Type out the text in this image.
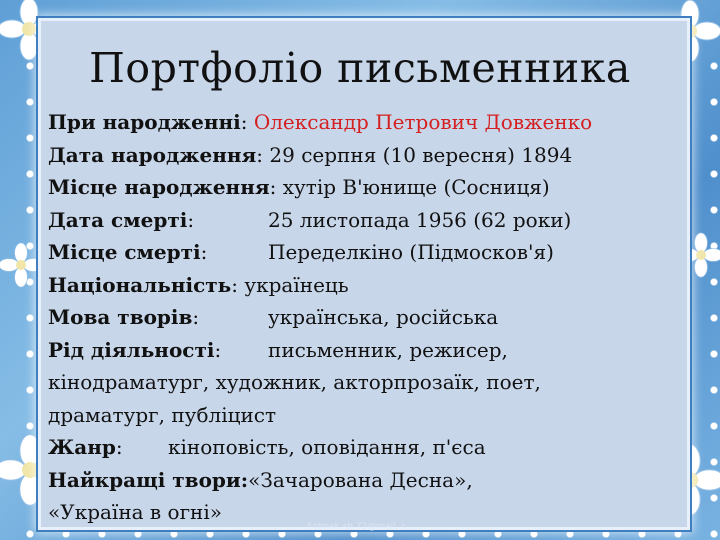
Портфоліо письменника
При народженні: Олександр Петрович Довженко
Дата народження: 29 серпня (10 вересня) 1894
Місце народження: хутір В'юнище (Сосниця)
Дата смерті:	25 листопада 1956 (62 роки)
Місце смерті:	Переделкіно (Підмосков'я)
Національність: українець
Мова творів:	українська, російська
Рід діяльності: письменник, режисер,
кінодраматург, художник, акторпрозаїк, поет,
драматург, публіцист
Жанр: кіноповість, оповідання, п'єса
Найкращі твори:«Зачарована Десна»,
«Україна в огні»
Fоlmak.sh 72@mail. r...
